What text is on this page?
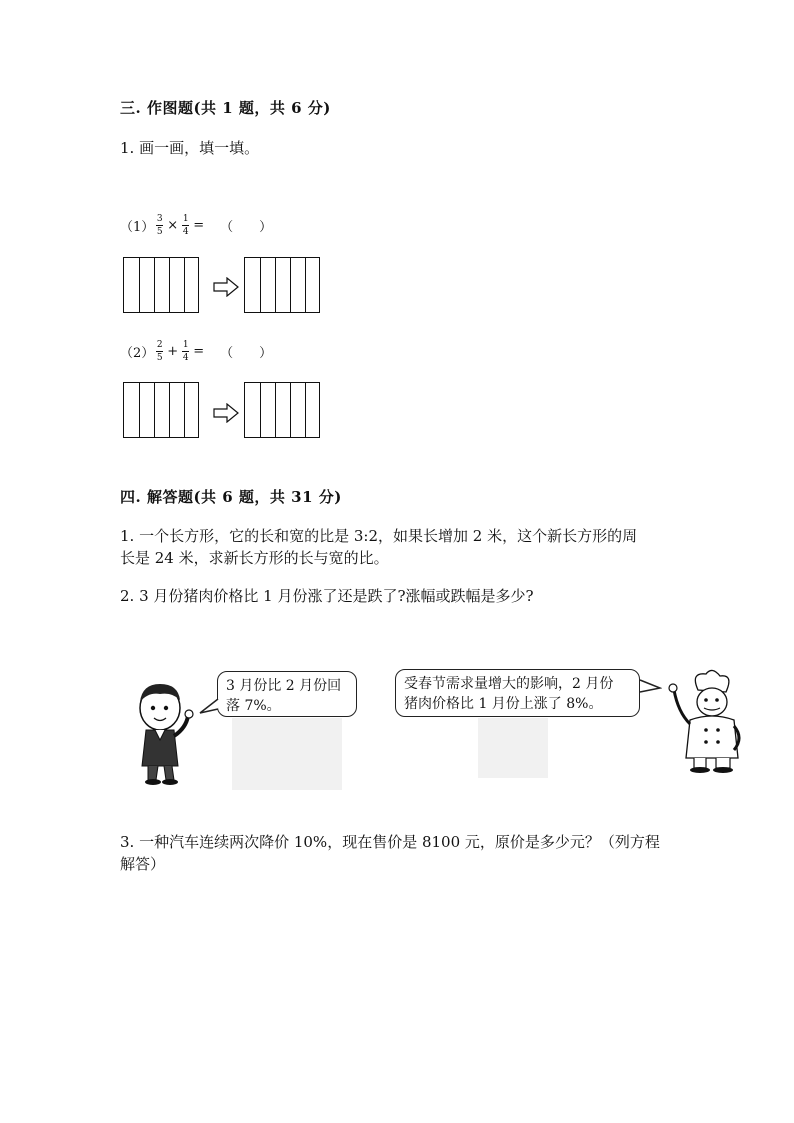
三. 作图题(共 1 题，共 6 分)
1. 画一画，填一填。
$(1) \frac{3}{5} \times \frac{1}{4}$ = （　　）
$(2) \frac{2}{5} + \frac{1}{4}$ = （　　）
四. 解答题(共 6 题，共 31 分)
1. 一个长方形，它的长和宽的比是 3:2，如果长增加 2 米，这个新长方形的周
长是 24 米，求新长方形的长与宽的比。
2. 3 月份猪肉价格比 1 月份涨了还是跌了?涨幅或跌幅是多少?
3 月份比 2 月份回
落 7%。
受春节需求量增大的影响，2 月份
猪肉价格比 1 月份上涨了 8%。
3. 一种汽车连续两次降价 10%，现在售价是 8100 元，原价是多少元？（列方程
解答）
